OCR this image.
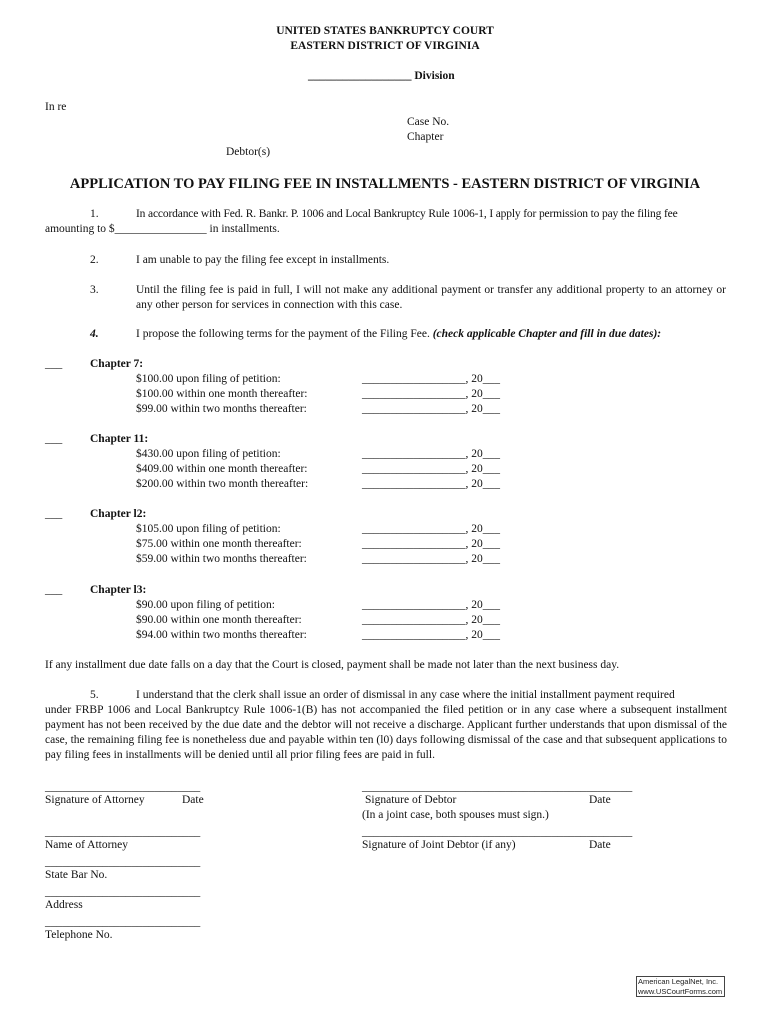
UNITED STATES BANKRUPTCY COURT
EASTERN DISTRICT OF VIRGINIA
__________________ Division
In re
Case No.
Chapter
Debtor(s)
APPLICATION TO PAY FILING FEE IN INSTALLMENTS - EASTERN DISTRICT OF VIRGINIA
1.	In accordance with Fed. R. Bankr. P. 1006 and Local Bankruptcy Rule 1006-1, I apply for permission to pay the filing fee
amounting to $________________ in installments.
2.	I am unable to pay the filing fee except in installments.
3.	Until the filing fee is paid in full, I will not make any additional payment or transfer any additional property to an attorney or any other person for services in connection with this case.
4.	I propose the following terms for the payment of the Filing Fee. (check applicable Chapter and fill in due dates):
___ Chapter 7:
$100.00 upon filing of petition:	__________________, 20___
$100.00 within one month thereafter:	__________________, 20___
$99.00 within two months thereafter:	__________________, 20___
___ Chapter 11:
$430.00 upon filing of petition:	__________________, 20___
$409.00 within one month thereafter:	__________________, 20___
$200.00 within two month thereafter:	__________________, 20___
___ Chapter l2:
$105.00 upon filing of petition:	__________________, 20___
$75.00 within one month thereafter:	__________________, 20___
$59.00 within two months thereafter:	__________________, 20___
___ Chapter l3:
$90.00 upon filing of petition:	__________________, 20___
$90.00 within one month thereafter:	__________________, 20___
$94.00 within two months thereafter:	__________________, 20___
If any installment due date falls on a day that the Court is closed, payment shall be made not later than the next business day.
5.	I understand that the clerk shall issue an order of dismissal in any case where the initial installment payment required
under FRBP 1006 and Local Bankruptcy Rule 1006-1(B) has not accompanied the filed petition or in any case where a subsequent installment payment has not been received by the due date and the debtor will not receive a discharge. Applicant further understands that upon dismissal of the case, the remaining filing fee is nonetheless due and payable within ten (l0) days following dismissal of the case and that subsequent applications to pay filing fees in installments will be denied until all prior filing fees are paid in full.
___________________________	_______________________________________________
Signature of Attorney	Date	Signature of Debtor	Date
(In a joint case, both spouses must sign.)
___________________________	_______________________________________________
Name of Attorney	Signature of Joint Debtor (if any)	Date
___________________________
State Bar No.
___________________________
Address
___________________________
Telephone No.
American LegalNet, Inc.
www.USCourtForms.com
